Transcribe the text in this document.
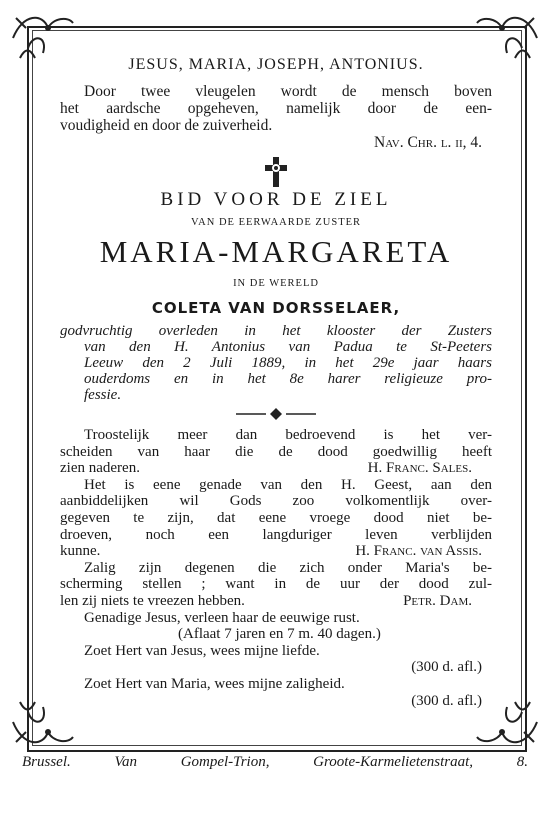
JESUS, MARIA, JOSEPH, ANTONIUS.
Door twee vleugelen wordt de mensch boven
het aardsche opgeheven, namelijk door de een-
voudigheid en door de zuiverheid.
Nav. Chr. l. ii, 4.
BID VOOR DE ZIEL
VAN DE EERWAARDE ZUSTER
MARIA-MARGARETA
IN DE WERELD
COLETA VAN DORSSELAER,
godvruchtig overleden in het klooster der Zusters
van den H. Antonius van Padua te St-Peeters
Leeuw den 2 Juli 1889, in het 29e jaar haars
ouderdoms en in het 8e harer religieuze pro-
fessie.
Troostelijk meer dan bedroevend is het ver-
scheiden van haar die de dood goedwillig heeft
zien naderen.	H. Franc. Sales.
Het is eene genade van den H. Geest, aan den
aanbiddelijken wil Gods zoo volkomentlijk over-
gegeven te zijn, dat eene vroege dood niet be-
droeven, noch een langduriger leven verblijden
kunne.	H. Franc. van Assis.
Zalig zijn degenen die zich onder Maria's be-
scherming stellen ; want in de uur der dood zul-
len zij niets te vreezen hebben.	Petr. Dam.
Genadige Jesus, verleen haar de eeuwige rust.
(Aflaat 7 jaren en 7 m. 40 dagen.)
Zoet Hert van Jesus, wees mijne liefde.
(300 d. afl.)
Zoet Hert van Maria, wees mijne zaligheid.
(300 d. afl.)
Brussel. Van Gompel-Trion, Groote-Karmelietenstraat, 8.
